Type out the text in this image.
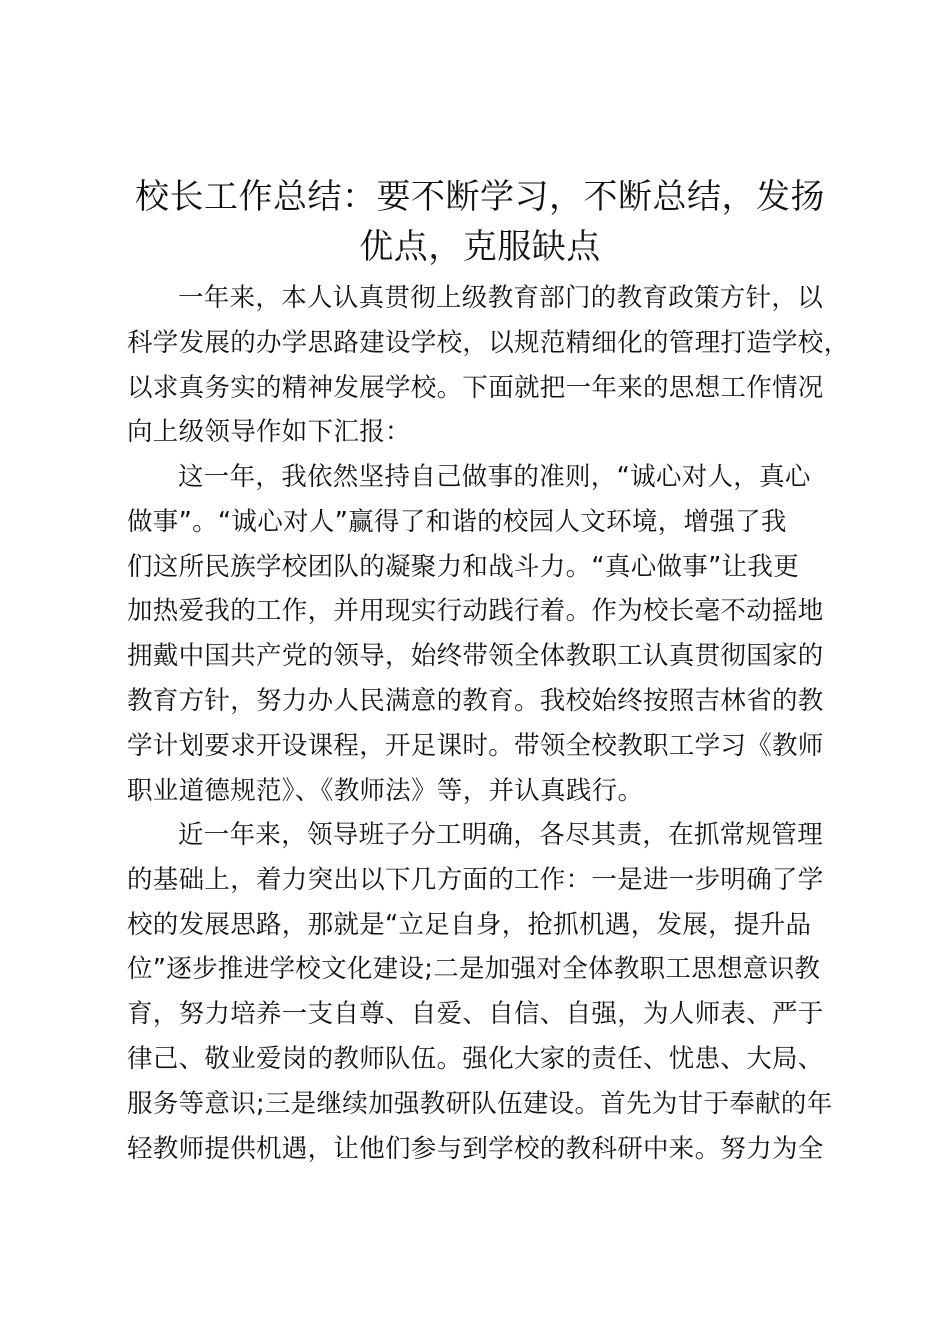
校长工作总结：要不断学习，不断总结，发扬
优点，克服缺点
一年来，本人认真贯彻上级教育部门的教育政策方针，以
科学发展的办学思路建设学校，以规范精细化的管理打造学校，
以求真务实的精神发展学校。下面就把一年来的思想工作情况
向上级领导作如下汇报：
这一年，我依然坚持自己做事的准则，“诚心对人，真心
做事”。“诚心对人”赢得了和谐的校园人文环境，增强了我
们这所民族学校团队的凝聚力和战斗力。“真心做事”让我更
加热爱我的工作，并用现实行动践行着。作为校长毫不动摇地
拥戴中国共产党的领导，始终带领全体教职工认真贯彻国家的
教育方针，努力办人民满意的教育。我校始终按照吉林省的教
学计划要求开设课程，开足课时。带领全校教职工学习《教师
职业道德规范》、《教师法》等，并认真践行。
近一年来，领导班子分工明确，各尽其责，在抓常规管理
的基础上，着力突出以下几方面的工作：一是进一步明确了学
校的发展思路，那就是“立足自身，抢抓机遇，发展，提升品
位”逐步推进学校文化建设;二是加强对全体教职工思想意识教
育，努力培养一支自尊、自爱、自信、自强，为人师表、严于
律己、敬业爱岗的教师队伍。强化大家的责任、忧患、大局、
服务等意识;三是继续加强教研队伍建设。首先为甘于奉献的年
轻教师提供机遇，让他们参与到学校的教科研中来。努力为全
